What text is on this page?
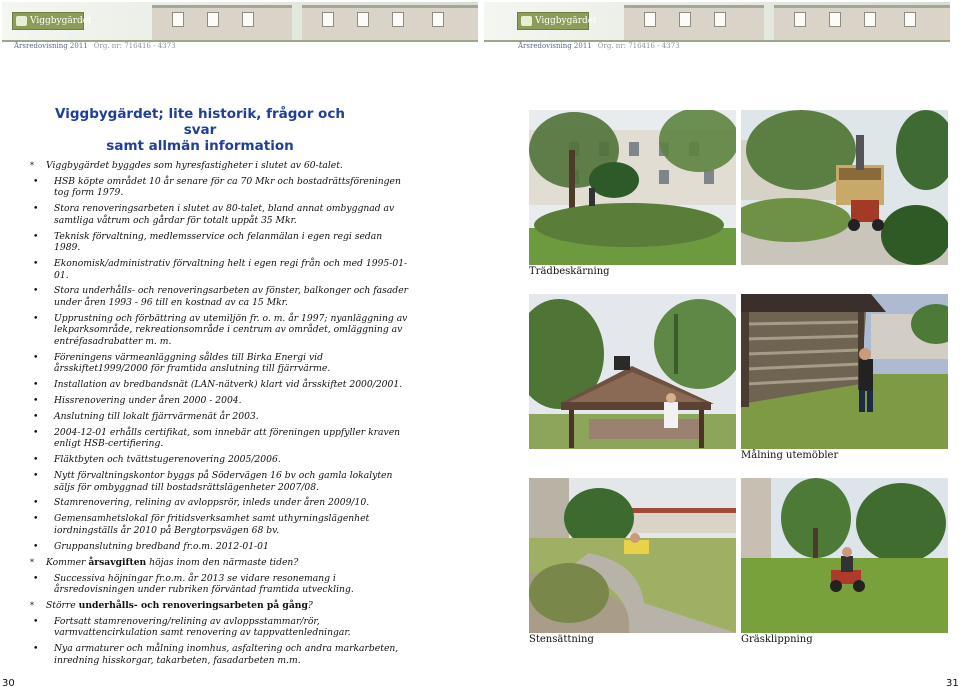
Viggbygärdet
Årsredovisning 2011 Org. nr: 716416 - 4373
Viggbygärdet
Årsredovisning 2011 Org. nr: 716416 - 4373
Viggbygärdet; lite historik, frågor och svar
samt allmän information
*	Viggbygärdet byggdes som hyresfastigheter i slutet av 60-talet.
•	HSB köpte området 10 år senare för ca 70 Mkr och bostadrättsföreningen tog form 1979.
•	Stora renoveringsarbeten i slutet av 80-talet, bland annat ombyggnad av samtliga våtrum och gårdar för totalt uppåt 35 Mkr.
•	Teknisk förvaltning, medlemsservice och felanmälan i egen regi sedan 1989.
•	Ekonomisk/administrativ förvaltning helt i egen regi från och med 1995-01-01.
•	Stora underhålls- och renoveringsarbeten av fönster, balkonger och fasader under åren 1993 - 96 till en kostnad av ca 15 Mkr.
•	Upprustning och förbättring av utemiljön fr. o. m. år 1997; nyanläggning av lekparksområde, rekreationsområde i centrum av området, omläggning av entréfasadrabatter m. m.
•	Föreningens värmeanläggning såldes till Birka Energi vid årsskiftet1999/2000 för framtida anslutning till fjärrvärme.
•	Installation av bredbandsnät (LAN-nätverk) klart vid årsskiftet 2000/2001.
•	Hissrenovering under åren 2000 - 2004.
•	Anslutning till lokalt fjärrvärmenät år 2003.
•	2004-12-01 erhålls certifikat, som innebär att föreningen uppfyller kraven enligt HSB-certifiering.
•	Fläktbyten och tvättstugerenovering 2005/2006.
•	Nytt förvaltningskontor byggs på Södervägen 16 bv och gamla lokalyten säljs för ombyggnad till bostadsrättslägenheter 2007/08.
•	Stamrenovering, relining av avloppsrör, inleds under åren 2009/10.
•	Gemensamhetslokal för fritidsverksamhet samt uthyrningslägenhet iordningställs år 2010 på Bergtorpsvägen 68 bv.
•	Gruppanslutning bredband fr.o.m. 2012-01-01
*	Kommer årsavgiften höjas inom den närmaste tiden?
•	Successiva höjningar fr.o.m. år 2013 se vidare resonemang i årsredovisningen under rubriken förväntad framtida utveckling.
*	Större underhålls- och renoveringsarbeten på gång?
•	Fortsatt stamrenovering/relining av avloppsstammar/rör, varmvattencirkulation samt renovering av tappvattenledningar.
•	Nya armaturer och målning inomhus, asfaltering och andra markarbeten, inredning hisskorgar, takarbeten, fasadarbeten m.m.
Trädbeskärning
Målning utemöbler
Stensättning	Gräsklippning
30	31
